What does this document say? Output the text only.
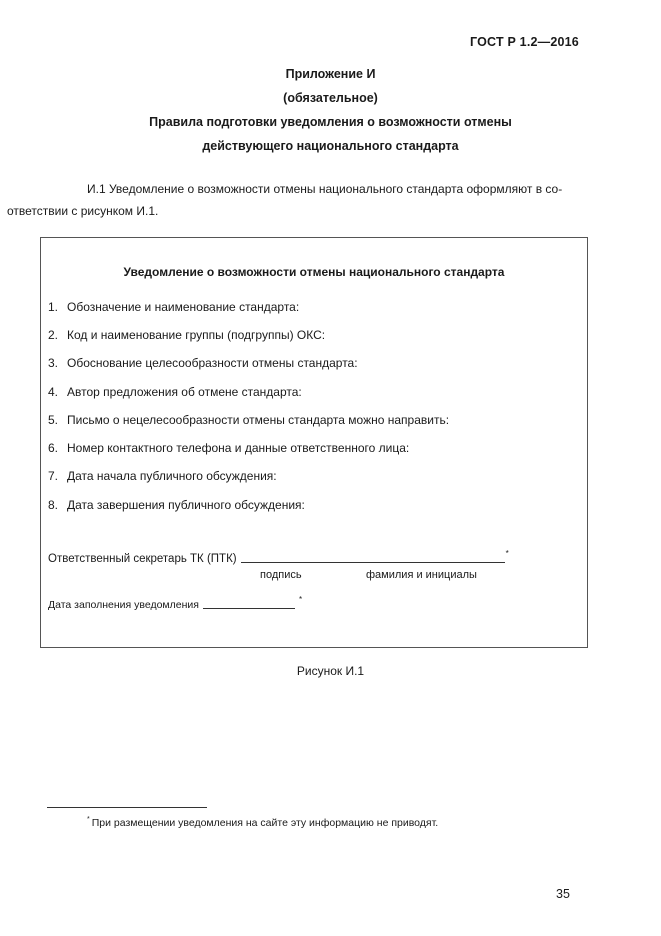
ГОСТ Р 1.2—2016
Приложение И
(обязательное)
Правила подготовки уведомления о возможности отмены
действующего национального стандарта
И.1 Уведомление о возможности отмены национального стандарта оформляют в со-
ответствии с рисунком И.1.
Уведомление о возможности отмены национального стандарта
1. Обозначение и наименование стандарта:
2. Код и наименование группы (подгруппы) ОКС:
3. Обоснование целесообразности отмены стандарта:
4. Автор предложения об отмене стандарта:
5. Письмо о нецелесообразности отмены стандарта можно направить:
6. Номер контактного телефона и данные ответственного лица:
7. Дата начала публичного обсуждения:
8. Дата завершения публичного обсуждения:
Ответственный секретарь ТК (ПТК)	*
подпись	фамилия и инициалы
Дата заполнения уведомления	*
Рисунок И.1
* При размещении уведомления на сайте эту информацию не приводят.
35
